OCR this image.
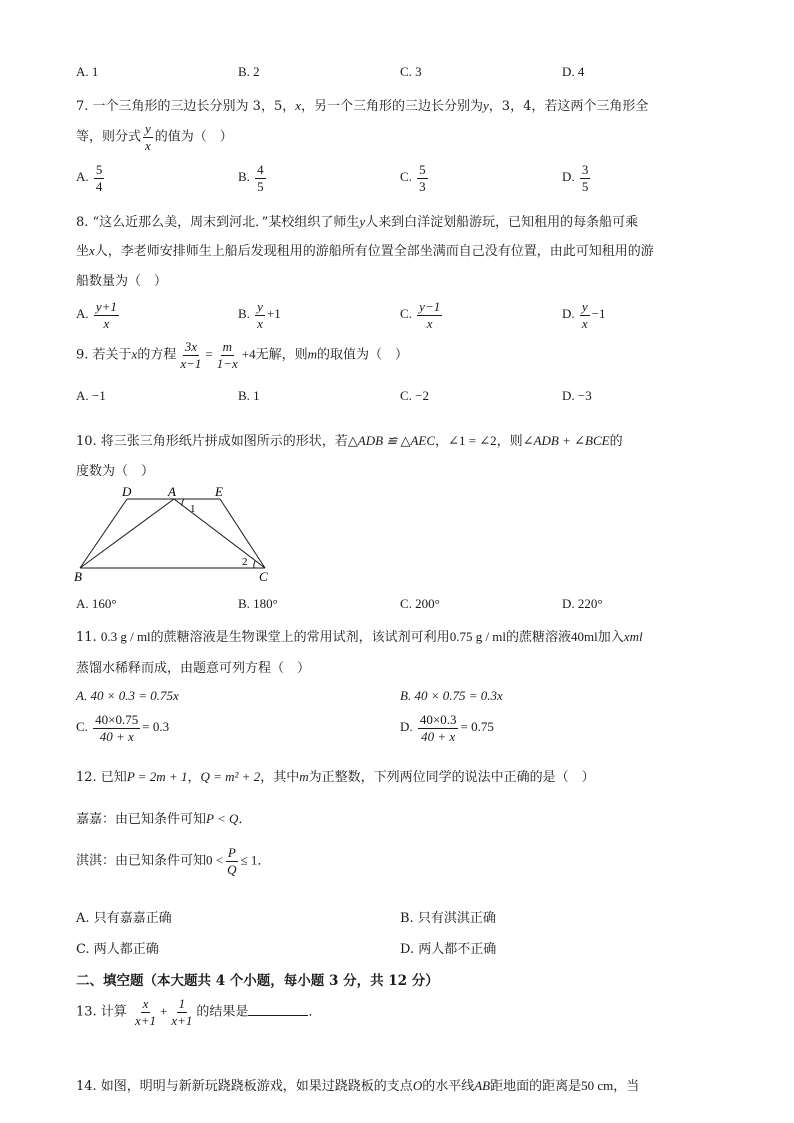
A. 1	B. 2	C. 3	D. 4
7. 一个三角形的三边长分别为 3，5，x，另一个三角形的三边长分别为y，3，4，若这两个三角形全
等，则分式 $\frac{y}{x}$ 的值为（　）
A. $\frac{5}{4}$	B. $\frac{4}{5}$	C. $\frac{5}{3}$	D. $\frac{3}{5}$
8. “这么近那么美，周末到河北．”某校组织了师生y人来到白洋淀划船游玩，已知租用的每条船可乘
坐x人，李老师安排师生上船后发现租用的游船所有位置全部坐满而自己没有位置，由此可知租用的游
船数量为（　）
A. $\frac{y+1}{x}$	B. $\frac{y}{x} +1$	C. $\frac{y-1}{x}$	D. $\frac{y}{x} -1$
9. 若关于x的方程 $\frac{3x}{x-1} = \frac{m}{1-x} +4$无解，则m的取值为（　）
A. −1	B. 1	C. −2	D. −3
10. 将三张三角形纸片拼成如图所示的形状，若△ADB ≌ △AEC，∠1 = ∠2，则∠ADB + ∠BCE的
度数为（　）
D	A	E
B	C
1
2
A. 160°	B. 180°	C. 200°	D. 220°
11. 0.3 g / ml的蔗糖溶液是生物课堂上的常用试剂，该试剂可利用0.75 g / ml的蔗糖溶液40ml加入xml
蒸馏水稀释而成，由题意可列方程（　）
A. 40 × 0.3 = 0.75x	B. 40 × 0.75 = 0.3x
C. $\frac{40\times 0.75}{40 + x} = 0.3$	D. $\frac{40\times 0.3}{40 + x} = 0.75$
12. 已知P = 2m + 1，Q = m² + 2，其中m为正整数，下列两位同学的说法中正确的是（　）
嘉嘉：由已知条件可知P < Q．
淇淇：由已知条件可知$0 < \frac{P}{Q} \le 1$．
A. 只有嘉嘉正确	B. 只有淇淇正确
C. 两人都正确	D. 两人都不正确
二、填空题（本大题共 4 个小题，每小题 3 分，共 12 分）
13. 计算 $\frac{x}{x+1} + \frac{1}{x+1}$ 的结果是	．
14. 如图，明明与新新玩跷跷板游戏，如果过跷跷板的支点O的水平线AB距地面的距离是50 cm，当
